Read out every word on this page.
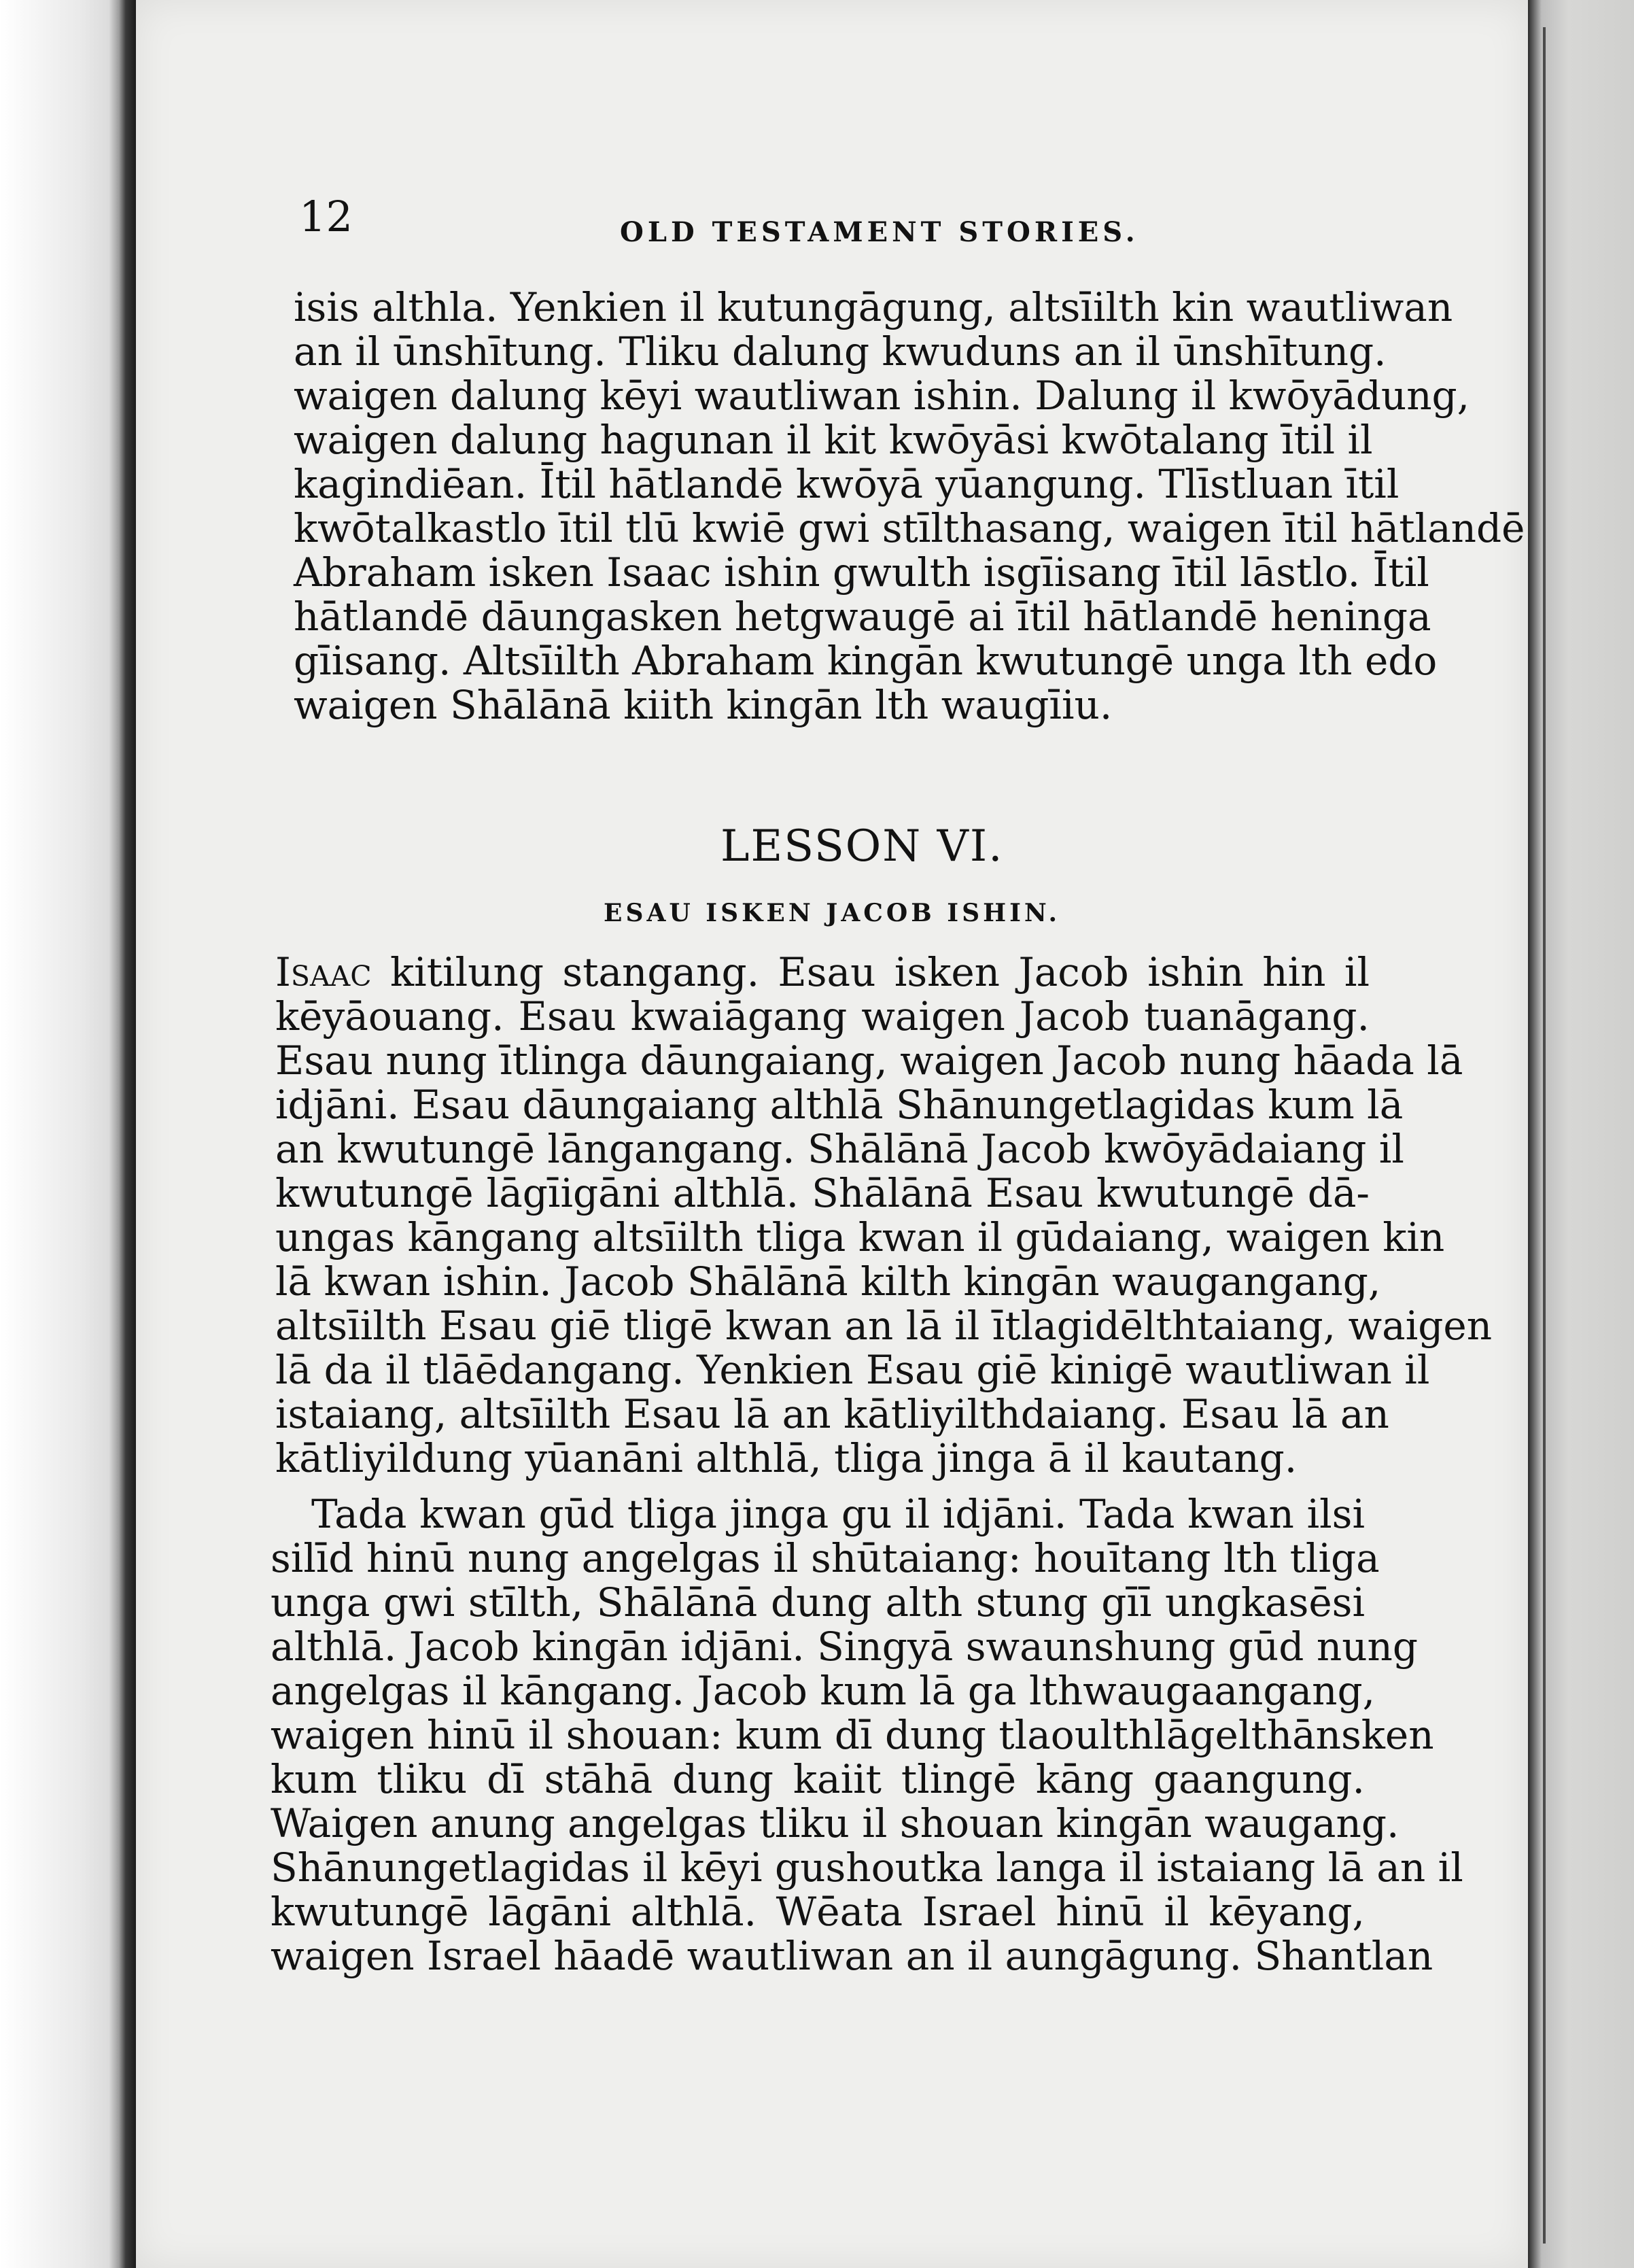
12	OLD TESTAMENT STORIES.
isis althla. Yenkien il kutungāgung, altsīilth kin wautliwan
an il ūnshītung. Tliku dalung kwuduns an il ūnshītung.
waigen dalung kēyi wautliwan ishin. Dalung il kwōyādung,
waigen dalung hagunan il kit kwōyāsi kwōtalang ītil il
kagindiēan. Ītil hātlandē kwōyā yūangung. Tlīstluan ītil
kwōtalkastlo ītil tlū kwiē gwi stīlthasang, waigen ītil hātlandē
Abraham isken Isaac ishin gwulth isgīisang ītil lāstlo. Ītil
hātlandē dāungasken hetgwaugē ai ītil hātlandē heninga
gīisang. Altsīilth Abraham kingān kwutungē unga lth edo
waigen Shālānā kiith kingān lth waugīiu.
LESSON VI.
ESAU ISKEN JACOB ISHIN.
Isaac kitilung stangang. Esau isken Jacob ishin hin il
kēyāouang. Esau kwaiāgang waigen Jacob tuanāgang.
Esau nung ītlinga dāungaiang, waigen Jacob nung hāada lā
idjāni. Esau dāungaiang althlā Shānungetlagidas kum lā
an kwutungē lāngangang. Shālānā Jacob kwōyādaiang il
kwutungē lāgīigāni althlā. Shālānā Esau kwutungē dā-
ungas kāngang altsīilth tliga kwan il gūdaiang, waigen kin
lā kwan ishin. Jacob Shālānā kilth kingān waugangang,
altsīilth Esau giē tligē kwan an lā il ītlagidēlthtaiang, waigen
lā da il tlāēdangang. Yenkien Esau giē kinigē wautliwan il
istaiang, altsīilth Esau lā an kātliyilthdaiang. Esau lā an
kātliyildung yūanāni althlā, tliga jinga ā il kautang.
Tada kwan gūd tliga jinga gu il idjāni. Tada kwan ilsi
silīd hinū nung angelgas il shūtaiang: houītang lth tliga
unga gwi stīlth, Shālānā dung alth stung gīī ungkasēsi
althlā. Jacob kingān idjāni. Singyā swaunshung gūd nung
angelgas il kāngang. Jacob kum lā ga lthwaugaangang,
waigen hinū il shouan: kum dī dung tlaoulthlāgelthānsken
kum tliku dī stāhā dung kaiit tlingē kāng gaangung.
Waigen anung angelgas tliku il shouan kingān waugang.
Shānungetlagidas il kēyi gushoutka langa il istaiang lā an il
kwutungē lāgāni althlā. Wēata Israel hinū il kēyang,
waigen Israel hāadē wautliwan an il aungāgung. Shantlan
